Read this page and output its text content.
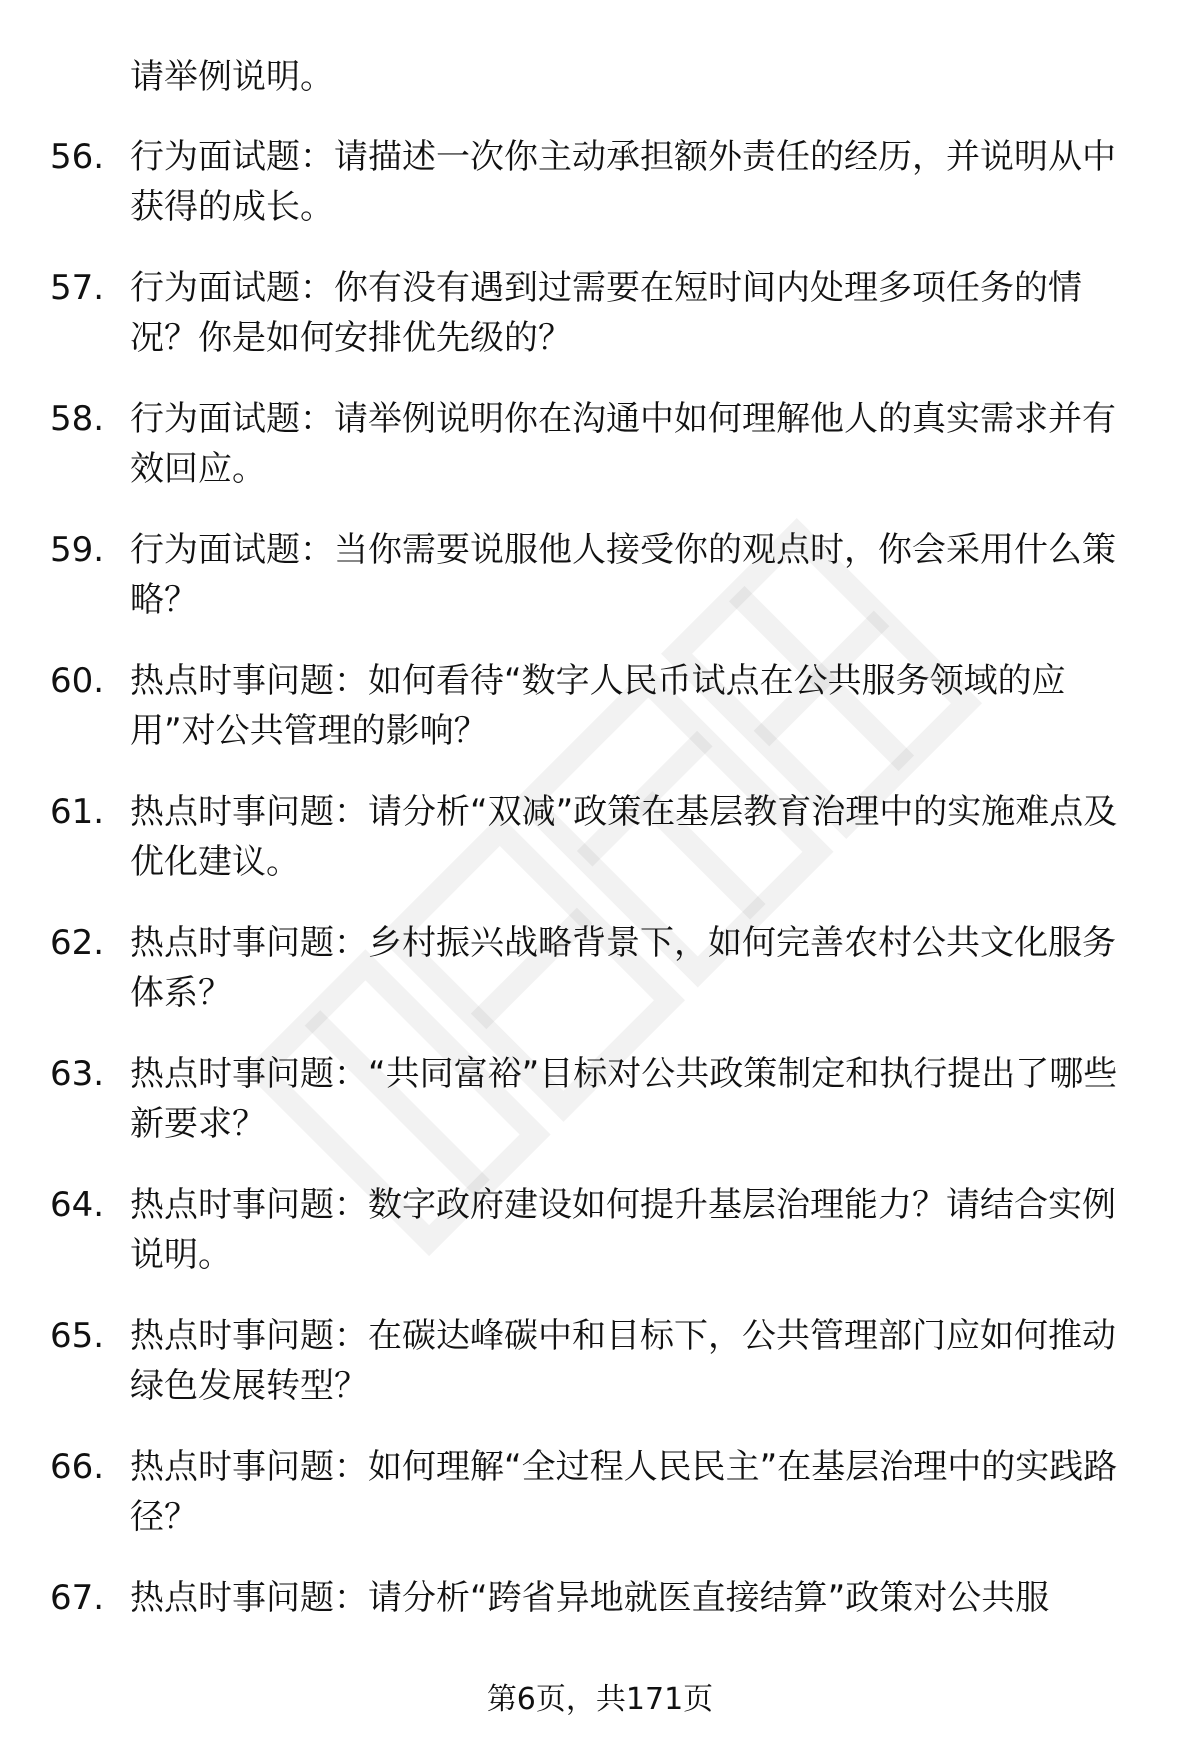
请举例说明。
56. 行为面试题：请描述一次你主动承担额外责任的经历，并说明从中获得的成长。
57. 行为面试题：你有没有遇到过需要在短时间内处理多项任务的情况？你是如何安排优先级的？
58. 行为面试题：请举例说明你在沟通中如何理解他人的真实需求并有效回应。
59. 行为面试题：当你需要说服他人接受你的观点时，你会采用什么策略？
60. 热点时事问题：如何看待“数字人民币试点在公共服务领域的应用”对公共管理的影响？
61. 热点时事问题：请分析“双减”政策在基层教育治理中的实施难点及优化建议。
62. 热点时事问题：乡村振兴战略背景下，如何完善农村公共文化服务体系？
63. 热点时事问题：“共同富裕”目标对公共政策制定和执行提出了哪些新要求？
64. 热点时事问题：数字政府建设如何提升基层治理能力？请结合实例说明。
65. 热点时事问题：在碳达峰碳中和目标下，公共管理部门应如何推动绿色发展转型？
66. 热点时事问题：如何理解“全过程人民民主”在基层治理中的实践路径？
67. 热点时事问题：请分析“跨省异地就医直接结算”政策对公共服
第6页，共171页
